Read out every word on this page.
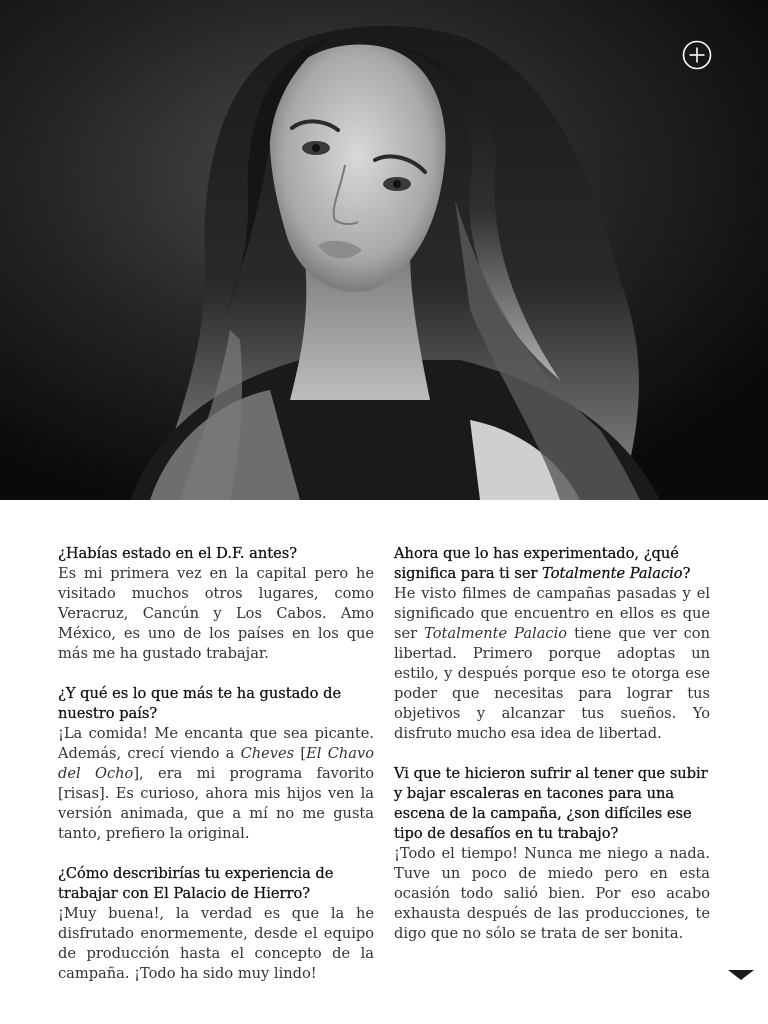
¿Habías estado en el D.F. antes?
Es mi primera vez en la capital pero he visitado muchos otros lugares, como Veracruz, Cancún y Los Cabos. Amo México, es uno de los países en los que más me ha gustado trabajar.
¿Y qué es lo que más te ha gustado de nuestro país?
¡La comida! Me encanta que sea picante. Además, crecí viendo a Cheves [El Chavo del Ocho], era mi programa favorito [risas]. Es curioso, ahora mis hijos ven la versión animada, que a mí no me gusta tanto, prefiero la original.
¿Cómo describirías tu experiencia de trabajar con El Palacio de Hierro?
¡Muy buena!, la verdad es que la he disfrutado enormemente, desde el equipo de producción hasta el concepto de la campaña. ¡Todo ha sido muy lindo!
Ahora que lo has experimentado, ¿qué significa para ti ser Totalmente Palacio?
He visto filmes de campañas pasadas y el significado que encuentro en ellos es que ser Totalmente Palacio tiene que ver con libertad. Primero porque adoptas un estilo, y después porque eso te otorga ese poder que necesitas para lograr tus objetivos y alcanzar tus sueños. Yo disfruto mucho esa idea de libertad.
Vi que te hicieron sufrir al tener que subir y bajar escaleras en tacones para una escena de la campaña, ¿son difíciles ese tipo de desafíos en tu trabajo?
¡Todo el tiempo! Nunca me niego a nada. Tuve un poco de miedo pero en esta ocasión todo salió bien. Por eso acabo exhausta después de las producciones, te digo que no sólo se trata de ser bonita.
